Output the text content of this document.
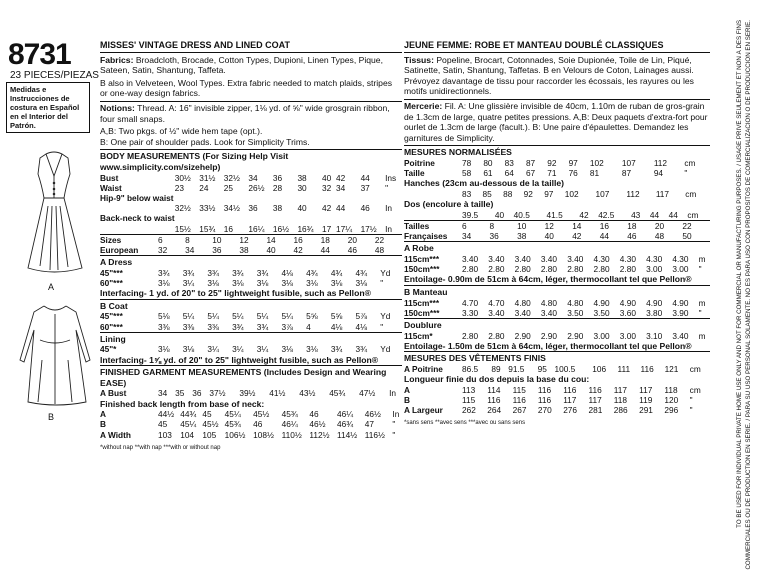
8731
23 PIECES/PIEZAS
Medidas e Instrucciones de costura en Español en el Interior del Patrón.
A
B
MISSES' VINTAGE DRESS AND LINED COAT
Fabrics: Broadcloth, Brocade, Cotton Types, Dupioni, Linen Types, Pique, Sateen, Satin, Shantung, Taffeta.
B also in Velveteen, Wool Types. Extra fabric needed to match plaids, stripes or one-way design fabrics.
Notions: Thread. A: 16" invisible zipper, 1⅛ yd. of ⅝" wide grosgrain ribbon, four small snaps.
A,B: Two pkgs. of ½" wide hem tape (opt.).
B: One pair of shoulder pads. Look for Simplicity Trims.
BODY MEASUREMENTS (For Sizing Help Visit www.simplicity.com/sizehelp)
Bust	30½	31½	32½	34	36	38	40	42	44	Ins
Waist	23	24	25	26½	28	30	32	34	37	"
Hip-9" below waist										
	32½	33½	34½	36	38	40	42	44	46	In
Back-neck to waist										
	15½	15¾	16	16¼	16½	16¾	17	17¼	17½	In
Sizes	6	8	10	12	14	16	18	20	22
European	32	34	36	38	40	42	44	46	48
A Dress
45"***	3¾	3¾	3¾	3¾	3¾	4⅛	4¾	4¾	4¾	Yd
60"***	3⅛	3¼	3⅛	3⅛	3⅛	3⅛	3⅛	3⅛	3⅛	"
Interfacing- 1 yd. of 20" to 25" lightweight fusible, such as Pellon®
B Coat
45"***	5⅛	5¼	5¼	5¼	5¼	5¼	5⅝	5⅝	5⅞	Yd
60"***	3⅜	3⅜	3⅜	3¾	3¾	3⅞	4	4⅛	4⅛	"
Lining
45"*	3⅛	3⅛	3¼	3¼	3¼	3⅛	3⅛	3¾	3¾	Yd
Interfacing- 1⅝ yd. of 20" to 25" lightweight fusible, such as Pellon®
FINISHED GARMENT MEASUREMENTS (Includes Design and Wearing EASE)
A Bust	34	35	36	37½	39½	41½	43½	45¾	47½	In
Finished back length from base of neck:
A	44½	44¾	45	45¼	45½	45¾	46	46¼	46½	In
B	45	45¼	45½	45¾	46	46¼	46½	46¾	47	"
A Width	103	104	105	106½	108½	110½	112½	114½	116½	"
*without nap **with nap ***with or without nap
JEUNE FEMME: ROBE ET MANTEAU DOUBLÉ CLASSIQUES
Tissus: Popeline, Brocart, Cotonnades, Soie Dupionée, Toile de Lin, Piqué, Satinette, Satin, Shantung, Taffetas. B en Velours de Coton, Lainages aussi. Prévoyez davantage de tissu pour raccorder les écossais, les rayures ou les motifs unidirectionnels.
Mercerie: Fil. A: Une glissière invisible de 40cm, 1.10m de ruban de gros-grain de 1.3cm de large, quatre petites pressions. A,B: Deux paquets d'extra-fort pour ourlet de 1.3cm de large (facult.). B: Une paire d'épaulettes. Demandez les garnitures de Simplicity.
MESURES NORMALISÉES
Poitrine	78	80	83	87	92	97	102	107	112	cm
Taille	58	61	64	67	71	76	81	87	94	"
Hanches (23cm au-dessous de la taille)
	83	85	88	92	97	102	107	112	117	cm
Dos (encolure à taille)
	39.5	40	40.5	41.5	42	42.5	43	44	44	cm
Tailles	6	8	10	12	14	16	18	20	22
Françaises	34	36	38	40	42	44	46	48	50
A Robe
115cm***	3.40	3.40	3.40	3.40	3.40	4.30	4.30	4.30	4.30	m
150cm***	2.80	2.80	2.80	2.80	2.80	2.80	2.80	3.00	3.00	"
Entoilage- 0.90m de 51cm à 64cm, léger, thermocollant tel que Pellon®
B Manteau
115cm***	4.70	4.70	4.80	4.80	4.80	4.90	4.90	4.90	4.90	m
150cm***	3.30	3.40	3.40	3.40	3.50	3.50	3.60	3.80	3.90	"
Doublure
115cm*	2.80	2.80	2.90	2.90	2.90	3.00	3.00	3.10	3.40	m
Entoilage- 1.50m de 51cm à 64cm, léger, thermocollant tel que Pellon®
MESURES DES VÊTEMENTS FINIS
A Poitrine	86.5	89	91.5	95	100.5	106	111	116	121	cm
Longueur finie du dos depuis la base du cou:
A	113	114	115	116	116	116	117	117	118	cm
B	115	116	116	116	117	117	118	119	120	"
A Largeur	262	264	267	270	276	281	286	291	296	"
*sans sens **avec sens ***avec ou sans sens	TO BE USED FOR INDIVIDUAL PRIVATE HOME USE ONLY AND NOT FOR COMMERCIAL OR MANUFACTURING PURPOSES. / USAGE PRIVÉ SEULEMENT ET NON À DES FINS COMMERCIALES OU DE PRODUCTION EN SÉRIE. / PARA SU USO PERSONAL SOLAMENTE. NO ES PARA USO CON PROPÓSITOS DE COMERCIALIZACIÓN O DE PRODUCCIÓN EN SERIE.
